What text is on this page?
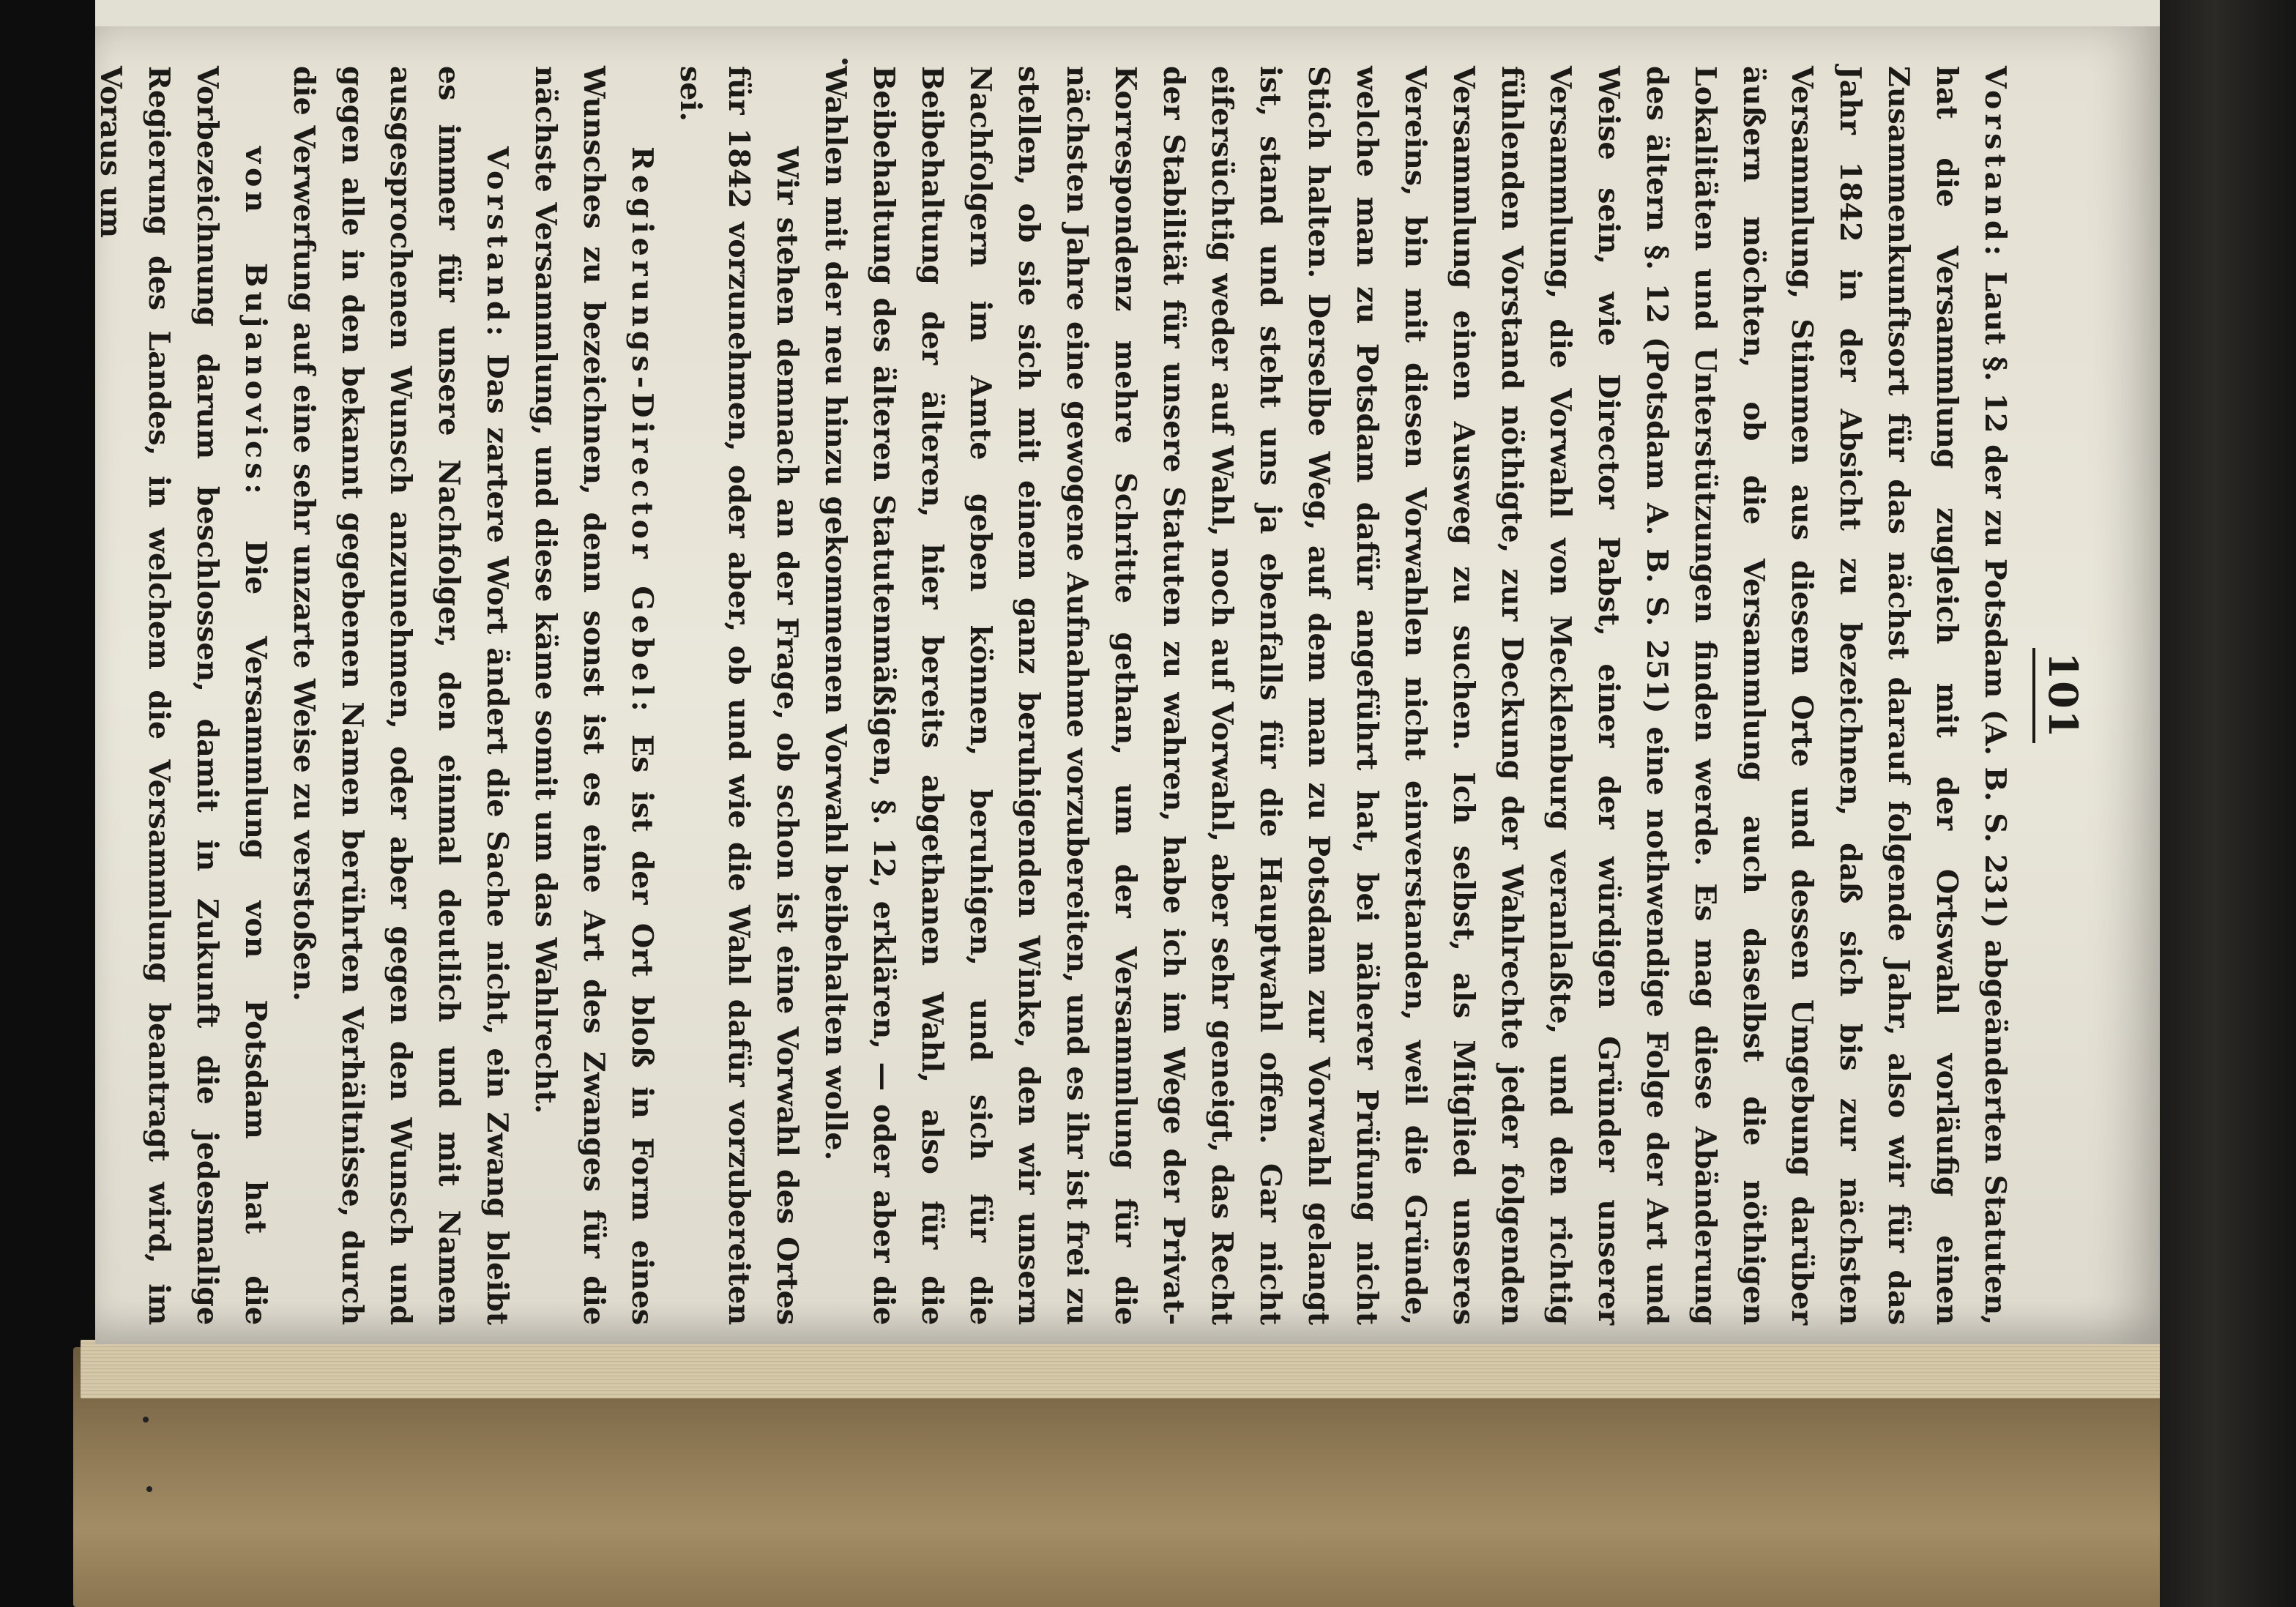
101

Vorstand: Laut §. 12 der zu Potsdam (A. B. S. 231) abgeänderten Statuten, hat die Versammlung zugleich mit der Ortswahl vorläufig einen Zusammenkunftsort für das nächst darauf folgende Jahr, also wir für das Jahr 1842 in der Absicht zu bezeichnen, daß sich bis zur nächsten Versammlung, Stimmen aus diesem Orte und dessen Umgebung darüber äußern möchten, ob die Versammlung auch daselbst die nöthigen Lokalitäten und Unterstützungen finden werde. Es mag diese Abänderung des ältern §. 12 (Potsdam A. B. S. 251) eine nothwendige Folge der Art und Weise sein, wie Director Pabst, einer der würdigen Gründer unserer Versammlung, die Vorwahl von Mecklenburg veranlaßte, und den richtig fühlenden Vorstand nöthigte, zur Deckung der Wahlrechte jeder folgenden Versammlung einen Ausweg zu suchen. Ich selbst, als Mitglied unseres Vereins, bin mit diesen Vorwahlen nicht einverstanden, weil die Gründe, welche man zu Potsdam dafür angeführt hat, bei näherer Prüfung nicht Stich halten. Derselbe Weg, auf dem man zu Potsdam zur Vorwahl gelangt ist, stand und steht uns ja ebenfalls für die Hauptwahl offen. Gar nicht eifersüchtig weder auf Wahl, noch auf Vorwahl, aber sehr geneigt, das Recht der Stabilität für unsere Statuten zu wahren, habe ich im Wege der Privat-Korrespondenz mehre Schritte gethan, um der Versammlung für die nächsten Jahre eine gewogene Aufnahme vorzubereiten, und es ihr ist frei zu stellen, ob sie sich mit einem ganz beruhigenden Winke, den wir unsern Nachfolgern im Amte geben können, beruhigen, und sich für die Beibehaltung der älteren, hier bereits abgethanen Wahl, also für die Beibehaltung des älteren Statutenmäßigen, §. 12, erklären, — oder aber die Wahlen mit der neu hinzu gekommenen Vorwahl beibehalten wolle.

Wir stehen demnach an der Frage, ob schon ist eine Vorwahl des Ortes für 1842 vorzunehmen, oder aber, ob und wie die Wahl dafür vorzubereiten sei.

Regierungs-Director Gebel: Es ist der Ort bloß in Form eines Wunsches zu bezeichnen, denn sonst ist es eine Art des Zwanges für die nächste Versammlung, und diese käme somit um das Wahlrecht.

Vorstand: Das zartere Wort ändert die Sache nicht, ein Zwang bleibt es immer für unsere Nachfolger, den einmal deutlich und mit Namen ausgesprochenen Wunsch anzunehmen, oder aber gegen den Wunsch und gegen alle in den bekannt gegebenen Namen berührten Verhältnisse, durch die Verwerfung auf eine sehr unzarte Weise zu verstoßen.

von Bujanovics: Die Versammlung von Potsdam hat die Vorbezeichnung darum beschlossen, damit in Zukunft die jedesmalige Regierung des Landes, in welchem die Versammlung beantragt wird, im Voraus um
